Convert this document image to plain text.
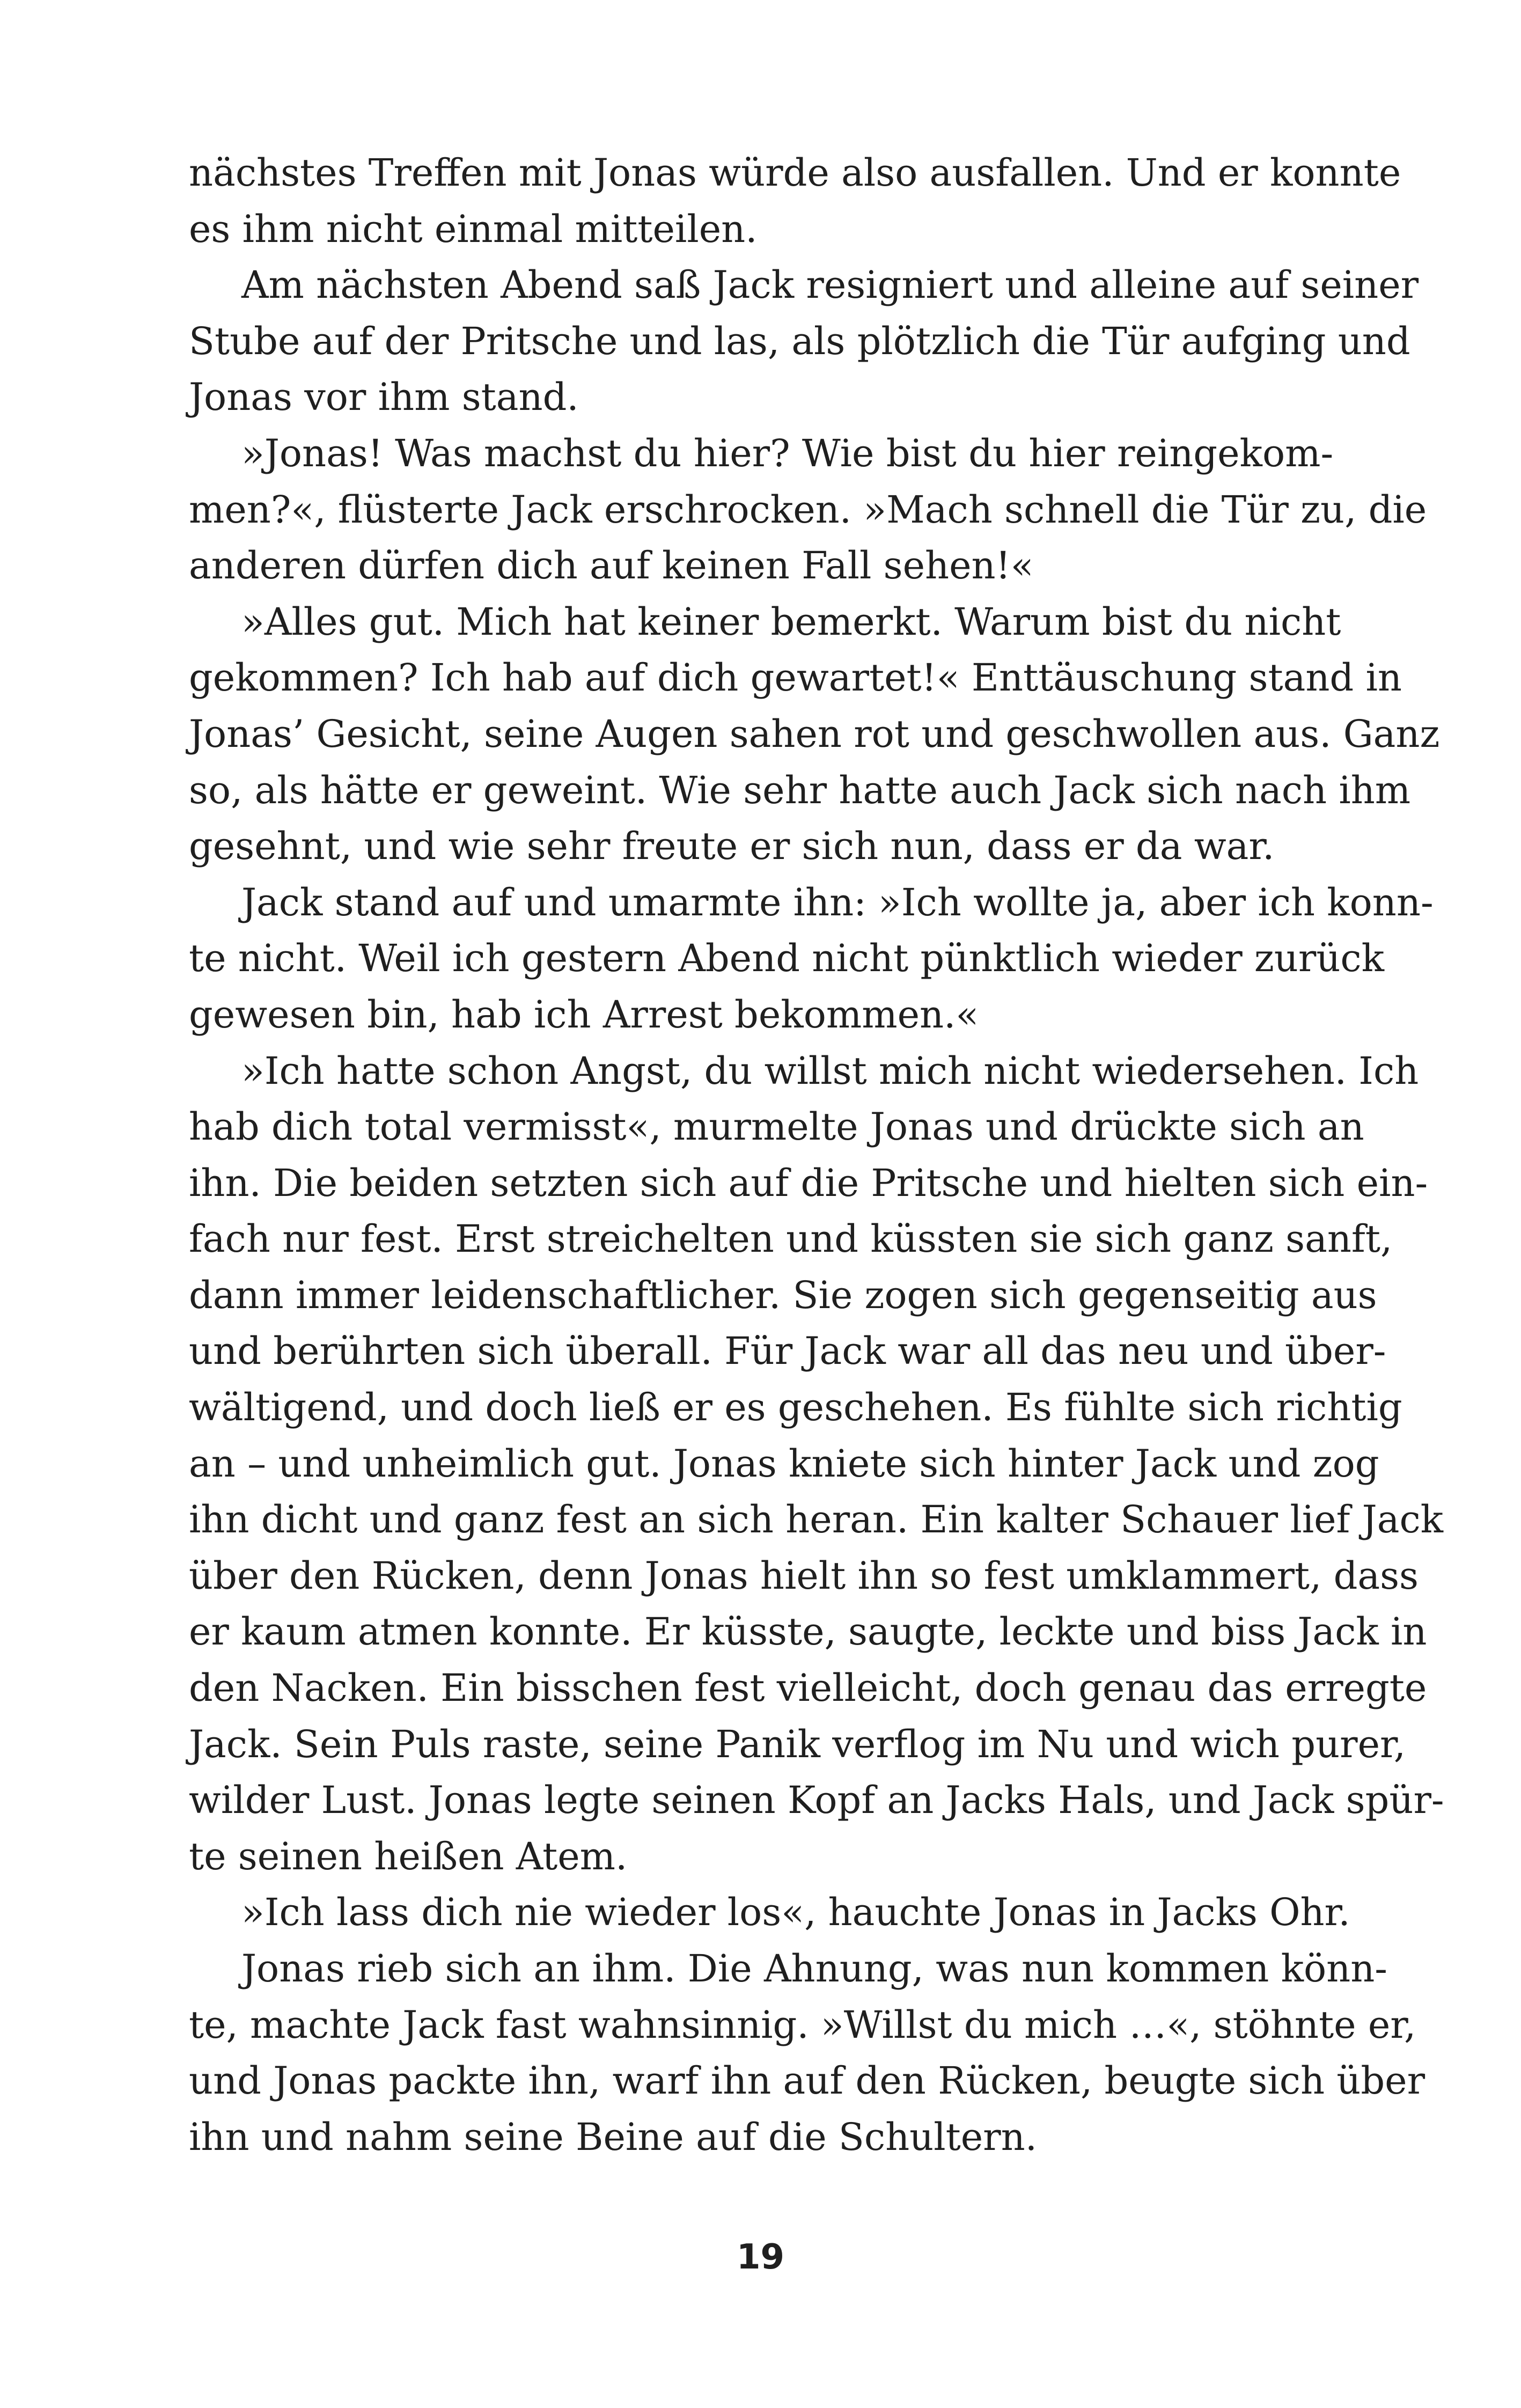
nächstes Treffen mit Jonas würde also ausfallen. Und er konnte
es ihm nicht einmal mitteilen.
Am nächsten Abend saß Jack resigniert und alleine auf seiner
Stube auf der Pritsche und las, als plötzlich die Tür aufging und
Jonas vor ihm stand.
»Jonas! Was machst du hier? Wie bist du hier reingekom-
men?«, flüsterte Jack erschrocken. »Mach schnell die Tür zu, die
anderen dürfen dich auf keinen Fall sehen!«
»Alles gut. Mich hat keiner bemerkt. Warum bist du nicht
gekommen? Ich hab auf dich gewartet!« Enttäuschung stand in
Jonas’ Gesicht, seine Augen sahen rot und geschwollen aus. Ganz
so, als hätte er geweint. Wie sehr hatte auch Jack sich nach ihm
gesehnt, und wie sehr freute er sich nun, dass er da war.
Jack stand auf und umarmte ihn: »Ich wollte ja, aber ich konn-
te nicht. Weil ich gestern Abend nicht pünktlich wieder zurück
gewesen bin, hab ich Arrest bekommen.«
»Ich hatte schon Angst, du willst mich nicht wiedersehen. Ich
hab dich total vermisst«, murmelte Jonas und drückte sich an
ihn. Die beiden setzten sich auf die Pritsche und hielten sich ein-
fach nur fest. Erst streichelten und küssten sie sich ganz sanft,
dann immer leidenschaftlicher. Sie zogen sich gegenseitig aus
und berührten sich überall. Für Jack war all das neu und über-
wältigend, und doch ließ er es geschehen. Es fühlte sich richtig
an – und unheimlich gut. Jonas kniete sich hinter Jack und zog
ihn dicht und ganz fest an sich heran. Ein kalter Schauer lief Jack
über den Rücken, denn Jonas hielt ihn so fest umklammert, dass
er kaum atmen konnte. Er küsste, saugte, leckte und biss Jack in
den Nacken. Ein bisschen fest vielleicht, doch genau das erregte
Jack. Sein Puls raste, seine Panik verflog im Nu und wich purer,
wilder Lust. Jonas legte seinen Kopf an Jacks Hals, und Jack spür-
te seinen heißen Atem.
»Ich lass dich nie wieder los«, hauchte Jonas in Jacks Ohr.
Jonas rieb sich an ihm. Die Ahnung, was nun kommen könn-
te, machte Jack fast wahnsinnig. »Willst du mich …«, stöhnte er,
und Jonas packte ihn, warf ihn auf den Rücken, beugte sich über
ihn und nahm seine Beine auf die Schultern.
19
